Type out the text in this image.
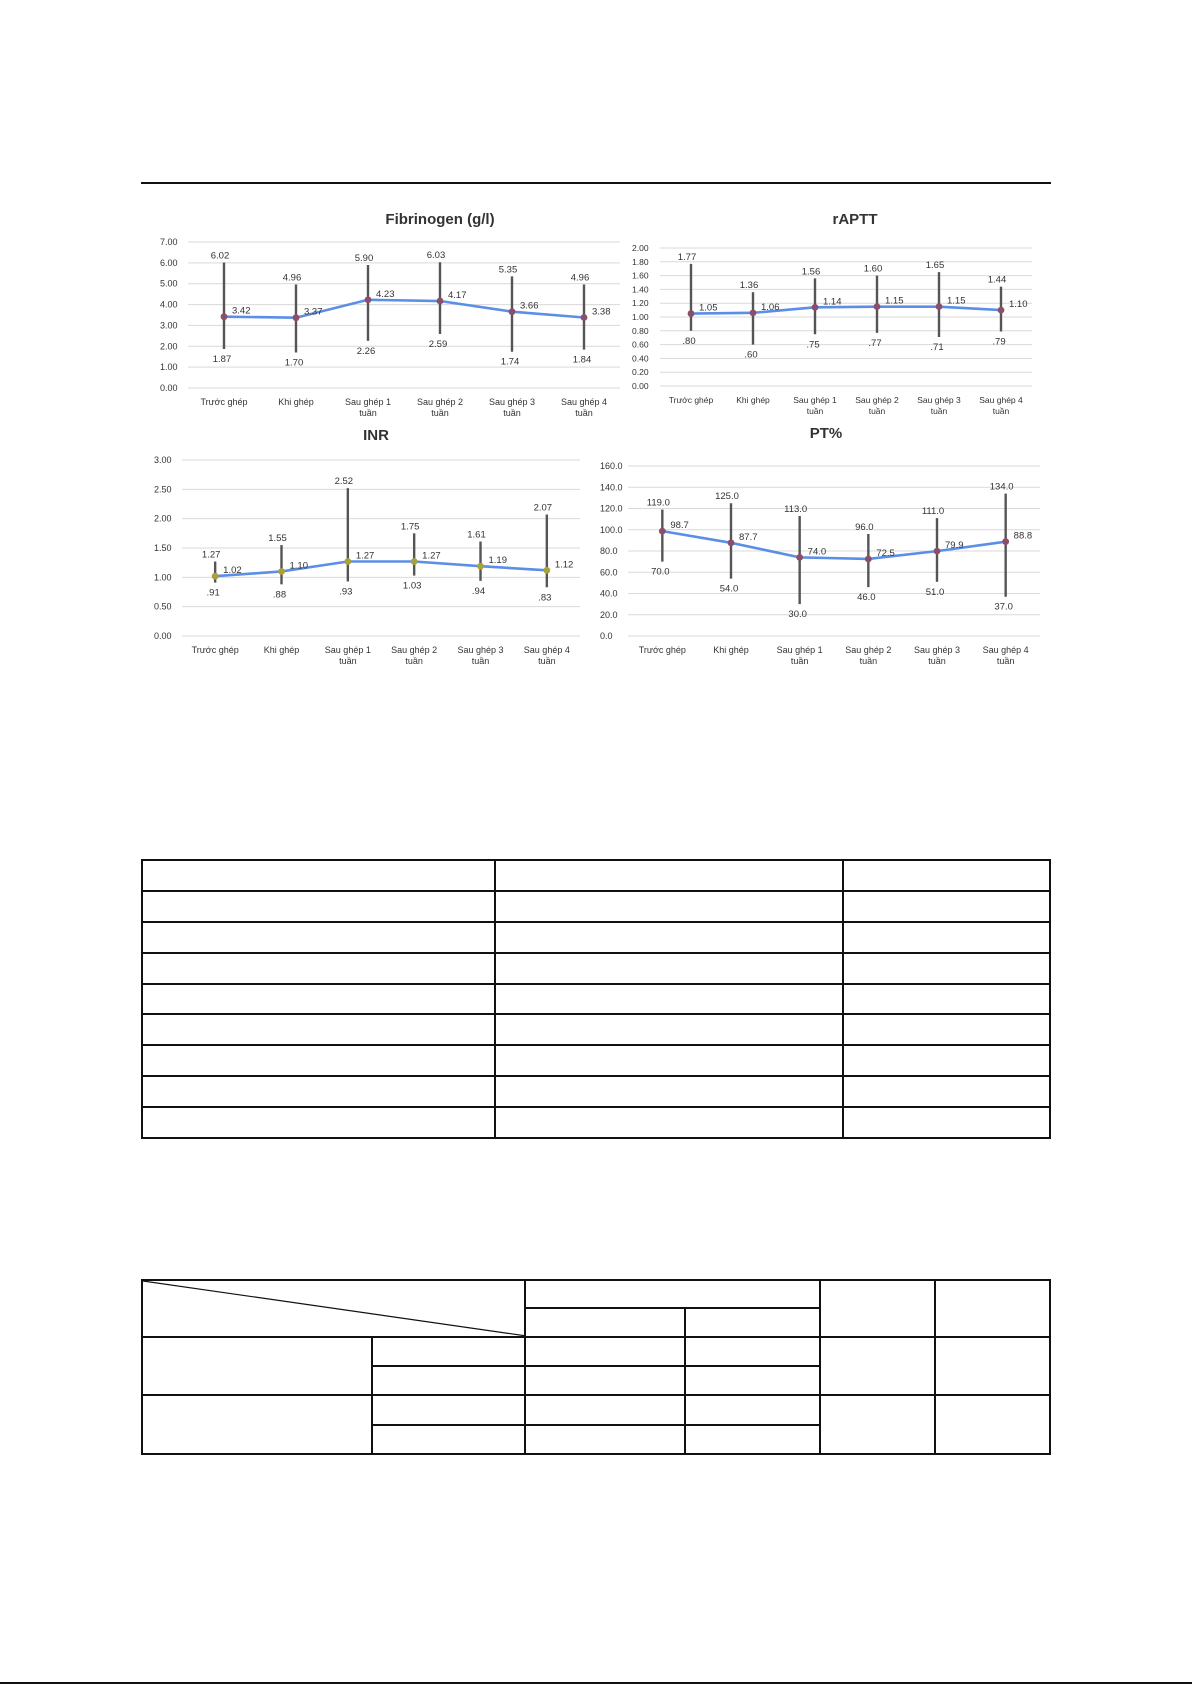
Fibrinogen (g/l)
0.00
1.00
2.00
3.00
4.00
5.00
6.00
7.00
Trước ghép	Khi ghép	Sau ghép 1 tuần
Sau ghép 2 tuần
Sau ghép 3 tuần
Sau ghép 4 tuần
3.42
6.02
1.87
3.37
4.96
1.70
4.23
5.90
2.26
4.17
6.03
2.59
3.66
5.35
1.74
3.38
4.96
1.84
rAPTT
0.00
0.20
0.40
0.60
0.80
1.00
1.20
1.40
1.60
1.80
2.00
Trước ghép	Khi ghép	Sau ghép 1 tuần
Sau ghép 2 tuần
Sau ghép 3 tuần
Sau ghép 4 tuần
1.05
1.77
.80
1.06
1.36
.60
1.14
1.56
.75
1.15
1.60
.77
1.15
1.65
.71
1.10
1.44
.79
INR
0.00
0.50
1.00
1.50
2.00
2.50
3.00
Trước ghép	Khi ghép	Sau ghép 1 tuần
Sau ghép 2 tuần
Sau ghép 3 tuần
Sau ghép 4 tuần
1.02
1.27
.91
1.10
1.55
.88
1.27
2.52
.93
1.27
1.75
1.03
1.19
1.61
.94
1.12
2.07
.83
PT%
0.0
20.0
40.0
60.0
80.0
100.0
120.0
140.0
160.0
Trước ghép	Khi ghép	Sau ghép 1 tuần
Sau ghép 2 tuần
Sau ghép 3 tuần
Sau ghép 4 tuần
98.7
119.0
70.0
87.7
125.0
54.0
74.0
113.0
30.0
72.5
96.0
46.0
79.9
111.0
51.0
88.8
134.0
37.0
